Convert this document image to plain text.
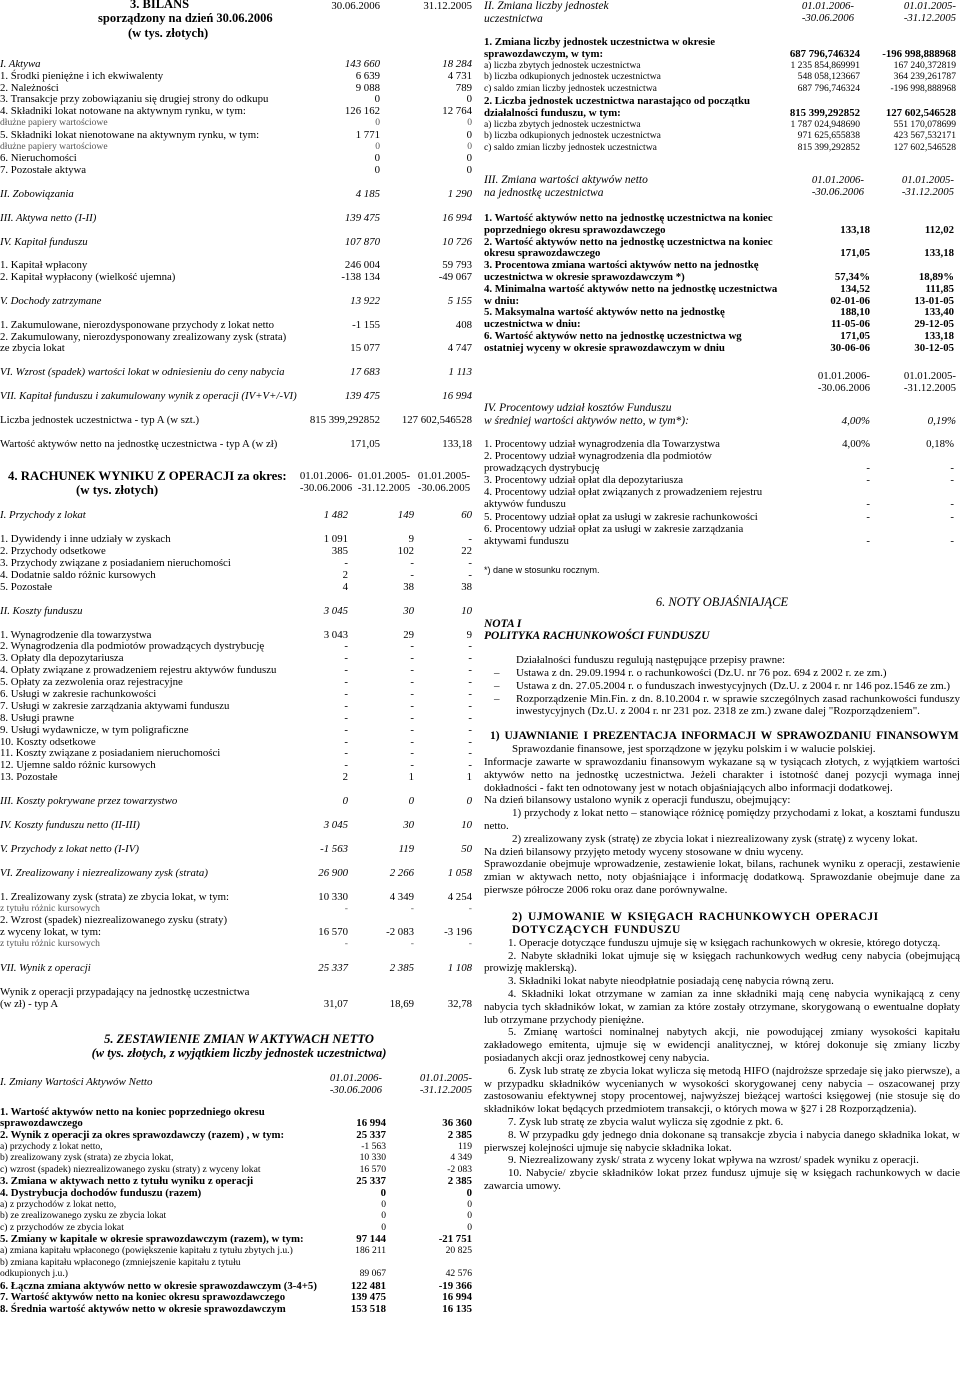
3. BILANS
sporządzony na dzień 30.06.2006
(w tys. złotych)
30.06.2006	31.12.2005
I. Aktywa	143 660	18 284
1. Środki pieniężne i ich ekwiwalenty	6 639	4 731
2. Należności	9 088	789
3. Transakcje przy zobowiązaniu się drugiej strony do odkupu	0	0
4. Składniki lokat notowane na aktywnym rynku, w tym:	126 162	12 764
dłużne papiery wartościowe	0	0
5. Składniki lokat nienotowane na aktywnym rynku, w tym:	1 771	0
dłużne papiery wartościowe	0	0
6. Nieruchomości	0	0
7. Pozostałe aktywa	0	0
II. Zobowiązania	4 185	1 290
III. Aktywa netto (I-II)	139 475	16 994
IV. Kapitał funduszu	107 870	10 726
1. Kapitał wpłacony	246 004	59 793
2. Kapitał wypłacony (wielkość ujemna)	-138 134	-49 067
V. Dochody zatrzymane	13 922	5 155
1. Zakumulowane, nierozdysponowane przychody z lokat netto	-1 155	408
2. Zakumulowany, nierozdysponowany zrealizowany zysk (strata)
ze zbycia lokat	15 077	4 747
VI. Wzrost (spadek) wartości lokat w odniesieniu do ceny nabycia	17 683	1 113
VII. Kapitał funduszu i zakumulowany wynik z operacji (IV+V+/-VI)	139 475	16 994
Liczba jednostek uczestnictwa - typ A (w szt.)	815 399,292852	127 602,546528
Wartość aktywów netto na jednostkę uczestnictwa - typ A (w zł)	171,05	133,18
4. RACHUNEK WYNIKU Z OPERACJI za okres:
(w tys. złotych)
01.01.2006-
-30.06.2006
01.01.2005-
-31.12.2005
01.01.2005-
-30.06.2005
I. Przychody z lokat	1 482	149	60
1. Dywidendy i inne udziały w zyskach	1 091	9	-
2. Przychody odsetkowe	385	102	22
3. Przychody związane z posiadaniem nieruchomości	-	-	-
4. Dodatnie saldo różnic kursowych	2	-	-
5. Pozostałe	4	38	38
II. Koszty funduszu	3 045	30	10
1. Wynagrodzenie dla towarzystwa	3 043	29	9
2. Wynagrodzenia dla podmiotów prowadzących dystrybucję	-	-	-
3. Opłaty dla depozytariusza	-	-	-
4. Opłaty związane z prowadzeniem rejestru aktywów funduszu	-	-	-
5. Opłaty za zezwolenia oraz rejestracyjne	-	-	-
6. Usługi w zakresie rachunkowości	-	-	-
7. Usługi w zakresie zarządzania aktywami funduszu	-	-	-
8. Usługi prawne	-	-	-
9. Usługi wydawnicze, w tym poligraficzne	-	-	-
10. Koszty odsetkowe	-	-	-
11. Koszty związane z posiadaniem nieruchomości	-	-	-
12. Ujemne saldo różnic kursowych	-	-	-
13. Pozostałe	2	1	1
III. Koszty pokrywane przez towarzystwo	0	0	0
IV. Koszty funduszu netto (II-III)	3 045	30	10
V. Przychody z lokat netto (I-IV)	-1 563	119	50
VI. Zrealizowany i niezrealizowany zysk (strata)	26 900	2 266	1 058
1. Zrealizowany zysk (strata) ze zbycia lokat, w tym:	10 330	4 349	4 254
z tytułu różnic kursowych	-	-	-
2. Wzrost (spadek) niezrealizowanego zysku (straty)
z wyceny lokat, w tym:	16 570	-2 083	-3 196
z tytułu różnic kursowych	-	-	-
VII. Wynik z operacji	25 337	2 385	1 108
Wynik z operacji przypadający na jednostkę uczestnictwa
(w zł) - typ A	31,07	18,69	32,78
5. ZESTAWIENIE ZMIAN W AKTYWACH NETTO
(w tys. złotych, z wyjątkiem liczby jednostek uczestnictwa)
I. Zmiany Wartości Aktywów Netto	01.01.2006-
-30.06.2006
01.01.2005-
-31.12.2005
1. Wartość aktywów netto na koniec poprzedniego okresu
sprawozdawczego	16 994	36 360
2. Wynik z operacji za okres sprawozdawczy (razem) , w tym:	25 337	2 385
a) przychody z lokat netto,	-1 563	119
b) zrealizowany zysk (strata) ze zbycia lokat,	10 330	4 349
c) wzrost (spadek) niezrealizowanego zysku (straty) z wyceny lokat	16 570	-2 083
3. Zmiana w aktywach netto z tytułu wyniku z operacji	25 337	2 385
4. Dystrybucja dochodów funduszu (razem)	0	0
a) z przychodów z lokat netto,	0	0
b) ze zrealizowanego zysku ze zbycia lokat	0	0
c) z przychodów ze zbycia lokat	0	0
5. Zmiany w kapitale w okresie sprawozdawczym (razem), w tym:	97 144	-21 751
a) zmiana kapitału wpłaconego (powiększenie kapitału z tytułu zbytych j.u.)	186 211	20 825
b) zmiana kapitału wpłaconego (zmniejszenie kapitału z tytułu
odkupionych j.u.)	89 067	42 576
6. Łączna zmiana aktywów netto w okresie sprawozdawczym (3-4+5)	122 481	-19 366
7. Wartość aktywów netto na koniec okresu sprawozdawczego	139 475	16 994
8. Średnia wartość aktywów netto w okresie sprawozdawczym	153 518	16 135
II. Zmiana liczby jednostek
uczestnictwa
01.01.2006-
-30.06.2006
01.01.2005-
-31.12.2005
1. Zmiana liczby jednostek uczestnictwa w okresie
sprawozdawczym, w tym:	687 796,746324	-196 998,888968
a) liczba zbytych jednostek uczestnictwa	1 235 854,869991	167 240,372819
b) liczba odkupionych jednostek uczestnictwa	548 058,123667	364 239,261787
c) saldo zmian liczby jednostek uczestnictwa	687 796,746324	-196 998,888968
2. Liczba jednostek uczestnictwa narastająco od początku
działalności funduszu, w tym:	815 399,292852	127 602,546528
a) liczba zbytych jednostek uczestnictwa	1 787 024,948690	551 170,078699
b) liczba odkupionych jednostek uczestnictwa	971 625,655838	423 567,532171
c) saldo zmian liczby jednostek uczestnictwa	815 399,292852	127 602,546528
III. Zmiana wartości aktywów netto
na jednostkę uczestnictwa
01.01.2006-
-30.06.2006
01.01.2005-
-31.12.2005
1. Wartość aktywów netto na jednostkę uczestnictwa na koniec
poprzedniego okresu sprawozdawczego	133,18	112,02
2. Wartość aktywów netto na jednostkę uczestnictwa na koniec
okresu sprawozdawczego	171,05	133,18
3. Procentowa zmiana wartości aktywów netto na jednostkę
uczestnictwa w okresie sprawozdawczym *)	57,34%	18,89%
4. Minimalna wartość aktywów netto na jednostkę uczestnictwa	134,52	111,85
w dniu:	02-01-06	13-01-05
5. Maksymalna wartość aktywów netto na jednostkę	188,10	133,40
uczestnictwa w dniu:	11-05-06	29-12-05
6. Wartość aktywów netto na jednostkę uczestnictwa wg	171,05	133,18
ostatniej wyceny w okresie sprawozdawczym w dniu	30-06-06	30-12-05
01.01.2006-
-30.06.2006
01.01.2005-
-31.12.2005
IV. Procentowy udział kosztów Funduszu
w średniej wartości aktywów netto, w tym*):	4,00%	0,19%
1. Procentowy udział wynagrodzenia dla Towarzystwa	4,00%	0,18%
2. Procentowy udział wynagrodzenia dla podmiotów
prowadzących dystrybucję	-	-
3. Procentowy udział opłat dla depozytariusza	-	-
4. Procentowy udział opłat związanych z prowadzeniem rejestru
aktywów funduszu	-	-
5. Procentowy udział opłat za usługi w zakresie rachunkowości	-	-
6. Procentowy udział opłat za usługi w zakresie zarządzania
aktywami funduszu	-	-
*) dane w stosunku rocznym.
6. NOTY OBJAŚNIAJĄCE
NOTA I
POLITYKA RACHUNKOWOŚCI FUNDUSZU
Działalności funduszu regulują następujące przepisy prawne:
– Ustawa z dn. 29.09.1994 r. o rachunkowości (Dz.U. nr 76 poz. 694 z 2002 r. ze zm.)
– Ustawa z dn. 27.05.2004 r. o funduszach inwestycyjnych (Dz.U. z 2004 r. nr 146 poz.1546 ze zm.)
– Rozporządzenie Min.Fin. z dn. 8.10.2004 r. w sprawie szczególnych zasad rachunkowości funduszy inwestycyjnych (Dz.U. z 2004 r. nr 231 poz. 2318 ze zm.) zwane dalej "Rozporządzeniem".
1) UJAWNIANIE I PREZENTACJA INFORMACJI W SPRAWOZDANIU FINANSOWYM
Sprawozdanie finansowe, jest sporządzone w języku polskim i w walucie polskiej.
Informacje zawarte w sprawozdaniu finansowym wykazane są w tysiącach złotych, z wyjątkiem wartości aktywów netto na jednostkę uczestnictwa. Jeżeli charakter i istotność danej pozycji wymaga innej dokładności - fakt ten odnotowany jest w notach objaśniających albo informacji dodatkowej.
Na dzień bilansowy ustalono wynik z operacji funduszu, obejmujący:
1) przychody z lokat netto – stanowiące różnicę pomiędzy przychodami z lokat, a kosztami funduszu netto.
2) zrealizowany zysk (stratę) ze zbycia lokat i niezrealizowany zysk (stratę) z wyceny lokat.
Na dzień bilansowy przyjęto metody wyceny stosowane w dniu wyceny.
Sprawozdanie obejmuje wprowadzenie, zestawienie lokat, bilans, rachunek wyniku z operacji, zestawienie zmian w aktywach netto, noty objaśniające i informację dodatkową. Sprawozdanie obejmuje dane za pierwsze półrocze 2006 roku oraz dane porównywalne.
2) UJMOWANIE W KSIĘGACH RACHUNKOWYCH OPERACJI DOTYCZĄCYCH FUNDUSZU
1. Operacje dotyczące funduszu ujmuje się w księgach rachunkowych w okresie, którego dotyczą.
2. Nabyte składniki lokat ujmuje się w księgach rachunkowych według ceny nabycia (obejmującą prowizję maklerską).
3. Składniki lokat nabyte nieodpłatnie posiadają cenę nabycia równą zeru.
4. Składniki lokat otrzymane w zamian za inne składniki mają cenę nabycia wynikającą z ceny nabycia tych składników lokat, w zamian za które zostały otrzymane, skorygowaną o ewentualne dopłaty lub otrzymane przychody pieniężne.
5. Zmianę wartości nominalnej nabytych akcji, nie powodującej zmiany wysokości kapitału zakładowego emitenta, ujmuje się w ewidencji analitycznej, w której dokonuje się zmiany liczby posiadanych akcji oraz jednostkowej ceny nabycia.
6. Zysk lub stratę ze zbycia lokat wylicza się metodą HIFO (najdroższe sprzedaje się jako pierwsze), a w przypadku składników wycenianych w wysokości skorygowanej ceny nabycia – oszacowanej przy zastosowaniu efektywnej stopy procentowej, najwyższej bieżącej wartości księgowej (nie stosuje się do składników lokat będących przedmiotem transakcji, o których mowa w §27 i 28 Rozporządzenia).
7. Zysk lub stratę ze zbycia walut wylicza się zgodnie z pkt. 6.
8. W przypadku gdy jednego dnia dokonane są transakcje zbycia i nabycia danego składnika lokat, w pierwszej kolejności ujmuje się nabycie składnika lokat.
9. Niezrealizowany zysk/ strata z wyceny lokat wpływa na wzrost/ spadek wyniku z operacji.
10. Nabycie/ zbycie składników lokat przez fundusz ujmuje się w księgach rachunkowych w dacie zawarcia umowy.
